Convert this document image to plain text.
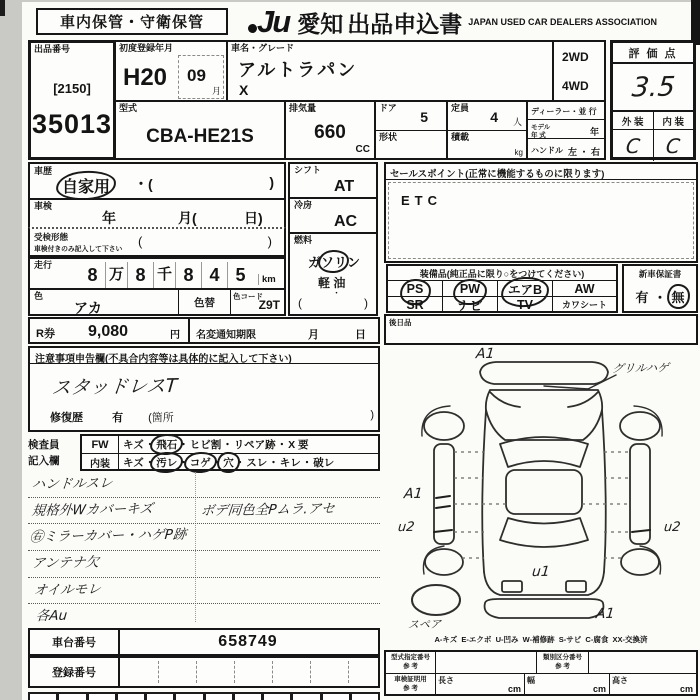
車内保管・守衛保管	Ju 愛知 出品申込書 JAPAN USED CAR DEALERS ASSOCIATION
出品番号
[2150]
35013
初度登録年月
H20 09
月
車名・グレード
アルトラパン
X
2WD
4WD
型式
CBA-HE21S
排気量
660
CC
ドア
5
形状
定員
4 人
積載
kg
ディーラー・並 行
モデル
年 式	年
ハンドル 左 ・ 右
評 価 点
3.5
外 装	内 装
C C
車歴
自家用 ・(	)
車検
年	月(	日)
受検形態
車検付きのみ記入して下さい
(	)
走行	8 万 8 千 8 4 5	km
色
アカ	色替	色コード
Z9T
シフト
AT
冷房
AC
燃料
ガソリン
軽 油
・
(	)
セールスポイント(正常に機能するものに限ります)
ETC
装備品(純正品に限り○をつけてください)
PS	PW エアB	AW
SR	ナビ	TV	カワシート
新車保証書
有 ・ 無
後日品
R券 9,080	円 名変通知期限	月	日
注意事項申告欄(不具合内容等は具体的に記入して下さい)
スタッドレスT
修復歴	有 (箇所	)
検査員
記入欄
FW	キズ	・ 飛石	・ ヒビ割	・ リペア跡	・ X 要
内装	キズ	・ 汚レ	・ コゲ	・ 穴	・ スレ	・ キレ	・ 破レ
ハンドルスレ
規格外Wカバーキズ	ボデ同色全Pムラ.アセ
㊨ミラーカバー・ハゲP跡
アンテナ欠
オイルモレ
各Au
車台番号	658749
登録番号
A1
グリルハゲ
A1
u2	u2
u1
A1
スペア
A-キズ  E-エクボ  U-凹み  W-補修跡  S-サビ  C-腐食  XX-交換済
型式指定番号
参 考
類別区分番号
参 考
車検証明用
参 考
長さ
cm
幅
cm
高さ
cm
